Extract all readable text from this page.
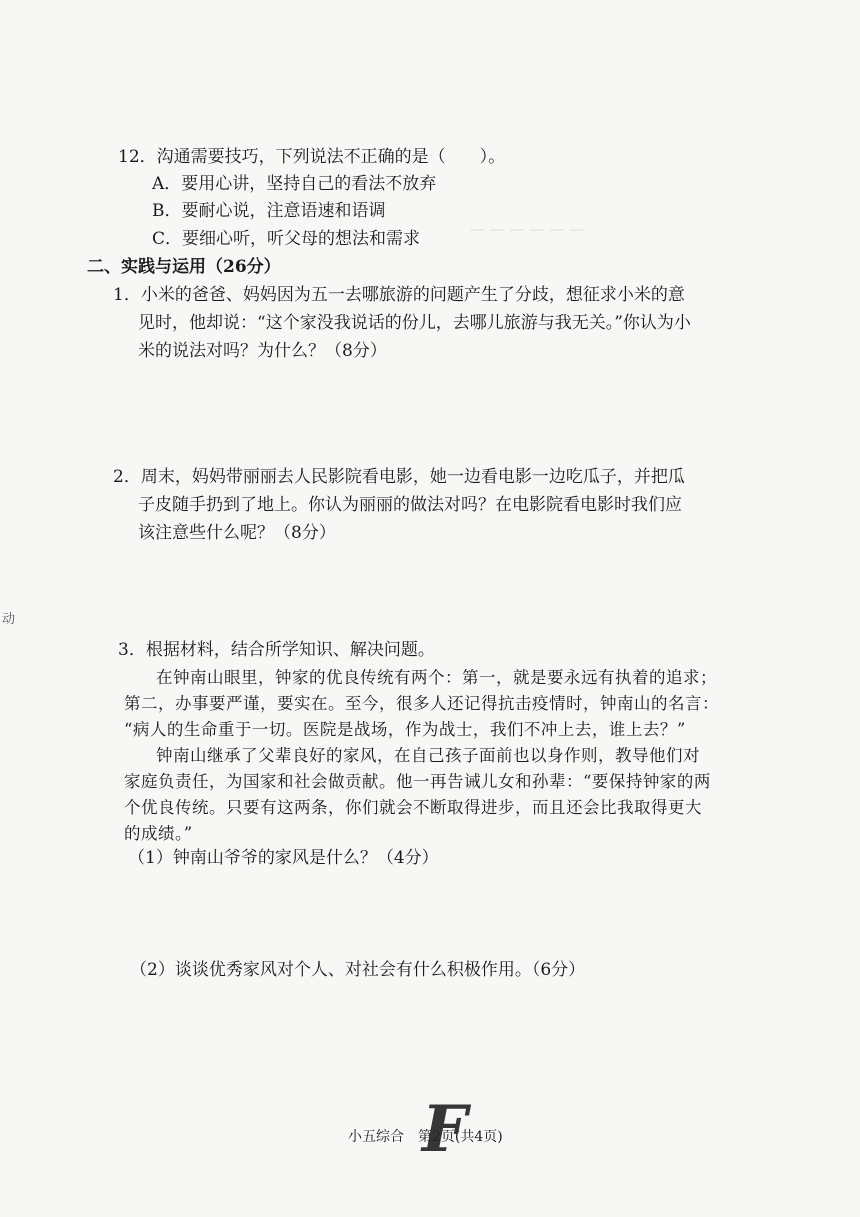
— — — — — —
12．沟通需要技巧，下列说法不正确的是（　　）。
A．要用心讲，坚持自己的看法不放弃
B．要耐心说，注意语速和语调
C．要细心听，听父母的想法和需求
二、实践与运用（26分）
1．小米的爸爸、妈妈因为五一去哪旅游的问题产生了分歧，想征求小米的意
见时，他却说：“这个家没我说话的份儿，去哪儿旅游与我无关。”你认为小
米的说法对吗？为什么？（8分）
2．周末，妈妈带丽丽去人民影院看电影，她一边看电影一边吃瓜子，并把瓜
子皮随手扔到了地上。你认为丽丽的做法对吗？在电影院看电影时我们应
该注意些什么呢？（8分）
动
3．根据材料，结合所学知识、解决问题。
在钟南山眼里，钟家的优良传统有两个：第一，就是要永远有执着的追求；
第二，办事要严谨，要实在。至今，很多人还记得抗击疫情时，钟南山的名言：
“病人的生命重于一切。医院是战场，作为战士，我们不冲上去，谁上去？”
钟南山继承了父辈良好的家风，在自己孩子面前也以身作则，教导他们对
家庭负责任，为国家和社会做贡献。他一再告诫儿女和孙辈：“要保持钟家的两
个优良传统。只要有这两条，你们就会不断取得进步，而且还会比我取得更大
的成绩。”
（1）钟南山爷爷的家风是什么？（4分）
（2）谈谈优秀家风对个人、对社会有什么积极作用。（6分）
小五综合　第2页(共4页)
F
